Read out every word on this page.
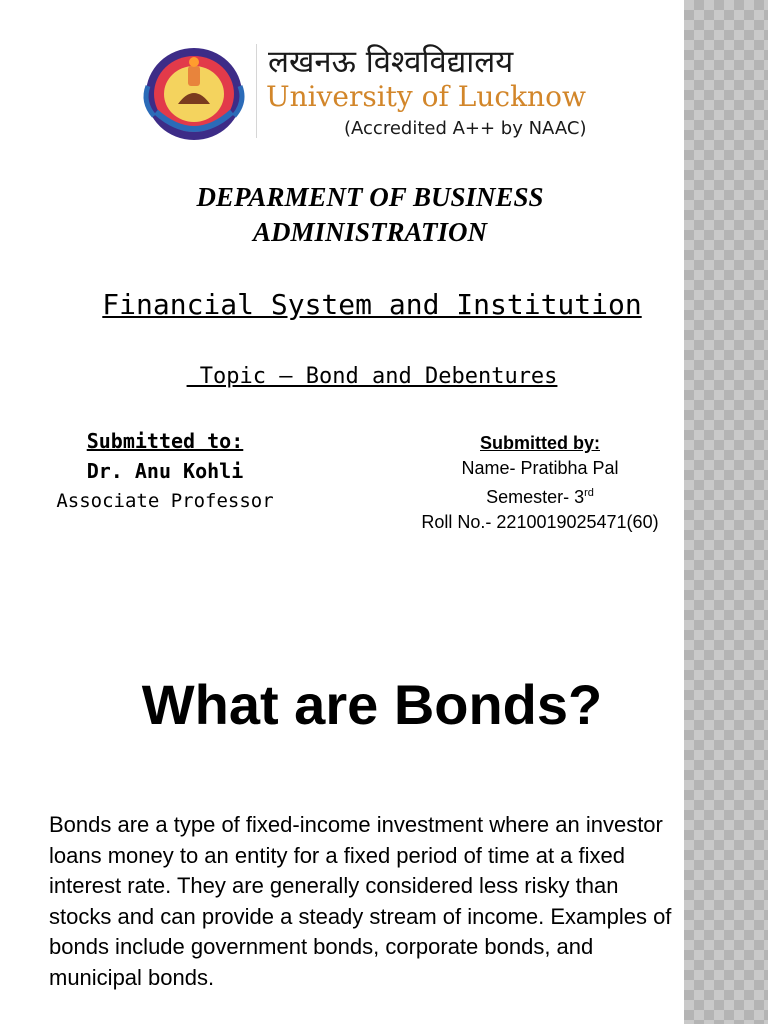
लखनऊ विश्वविद्यालय
University of Lucknow
(Accredited A++ by NAAC)
DEPARMENT OF BUSINESS
ADMINISTRATION
Financial System and Institution
Topic – Bond and Debentures
Submitted to:
Dr. Anu Kohli
Associate Professor
Submitted by:
Name- Pratibha Pal
Semester- 3rd
Roll No.- 2210019025471(60)
What are Bonds?
Bonds are a type of fixed-income investment where an investor loans money to an entity for a fixed period of time at a fixed interest rate. They are generally considered less risky than stocks and can provide a steady stream of income. Examples of bonds include government bonds, corporate bonds, and municipal bonds.
